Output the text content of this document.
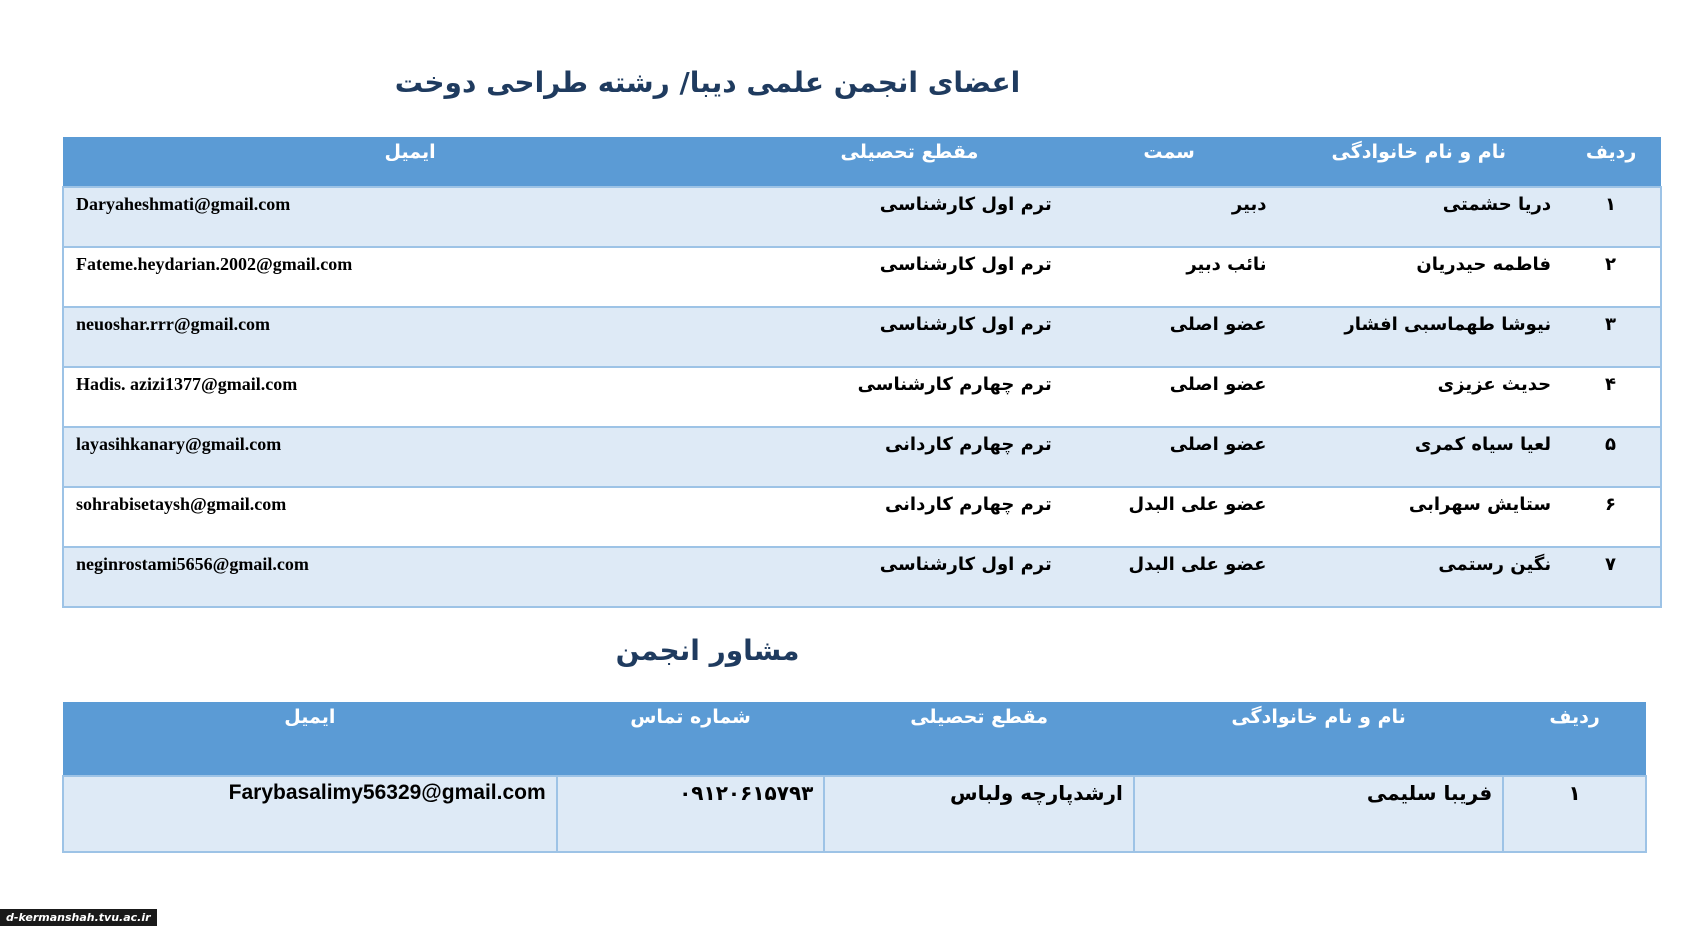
اعضای انجمن علمی دیبا/ رشته طراحی دوخت
ردیف	نام و نام خانوادگی	سمت	مقطع تحصیلی	ایمیل
۱	دریا حشمتی	دبیر	ترم اول کارشناسی	Daryaheshmati@gmail.com
۲	فاطمه حیدریان	نائب دبیر	ترم اول کارشناسی	Fateme.heydarian.2002@gmail.com
۳	نیوشا طهماسبی افشار	عضو اصلی	ترم اول کارشناسی	neuoshar.rrr@gmail.com
۴	حدیث عزیزی	عضو اصلی	ترم چهارم کارشناسی	Hadis. azizi1377@gmail.com
۵	لعیا سیاه کمری	عضو اصلی	ترم چهارم کاردانی	layasihkanary@gmail.com
۶	ستایش سهرابی	عضو علی البدل	ترم چهارم کاردانی	sohrabisetaysh@gmail.com
۷	نگین رستمی	عضو علی البدل	ترم اول کارشناسی	neginrostami5656@gmail.com
مشاور انجمن
ردیف	نام و نام خانوادگی	مقطع تحصیلی	شماره تماس	ایمیل
۱	فریبا سلیمی	ارشدپارچه ولباس	۰۹۱۲۰۶۱۵۷۹۳	Farybasalimy56329@gmail.com
d-kermanshah.tvu.ac.ir
